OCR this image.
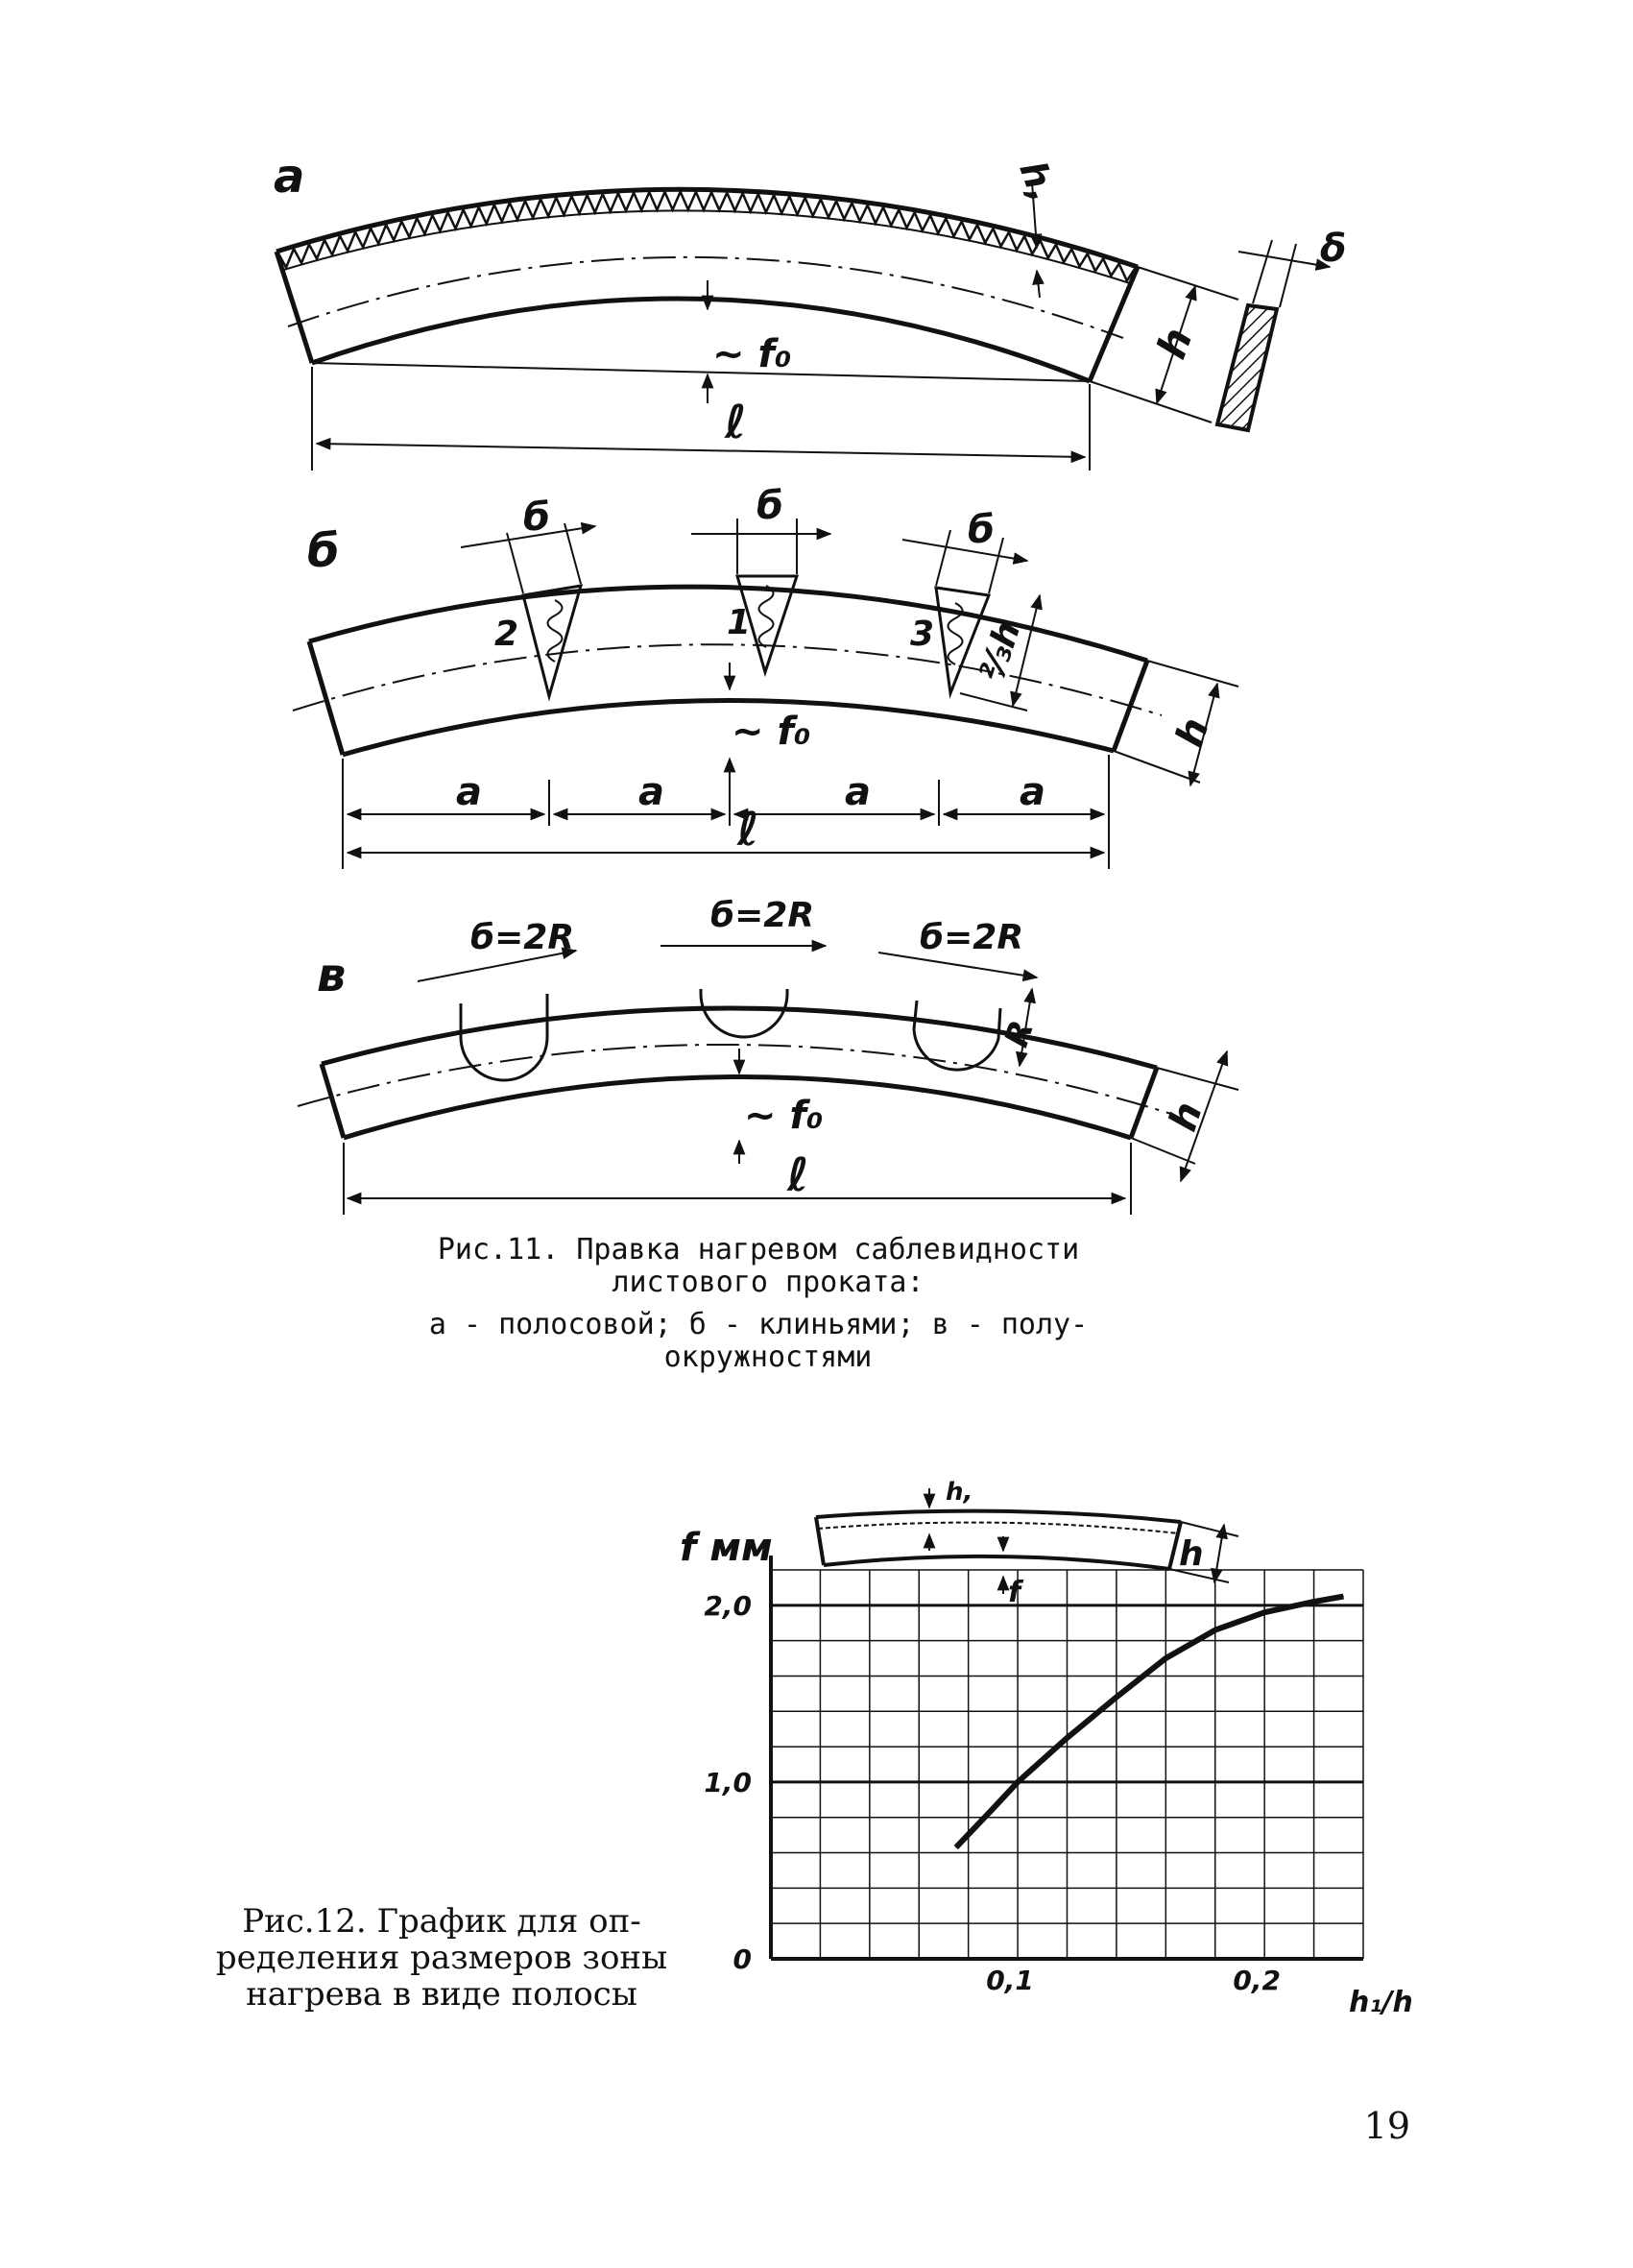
а
~ f₀
ℓ
h,
h
δ
б
2	1	3
б	б
б
⅔h
h
~ f₀
a	a	a	a
ℓ
в
б=2R
б=2R
б=2R
R
h
~ f₀
ℓ
Рис.11. Правка нагревом саблевидности
листового проката:
а - полосовой; б - клиньями; в - полу-
окружностями
h,
h
f
0
1,0
2,0
0,1	0,2
f мм
h₁/h
Рис.12. График для оп-
ределения размеров зоны
нагрева в виде полосы
19
